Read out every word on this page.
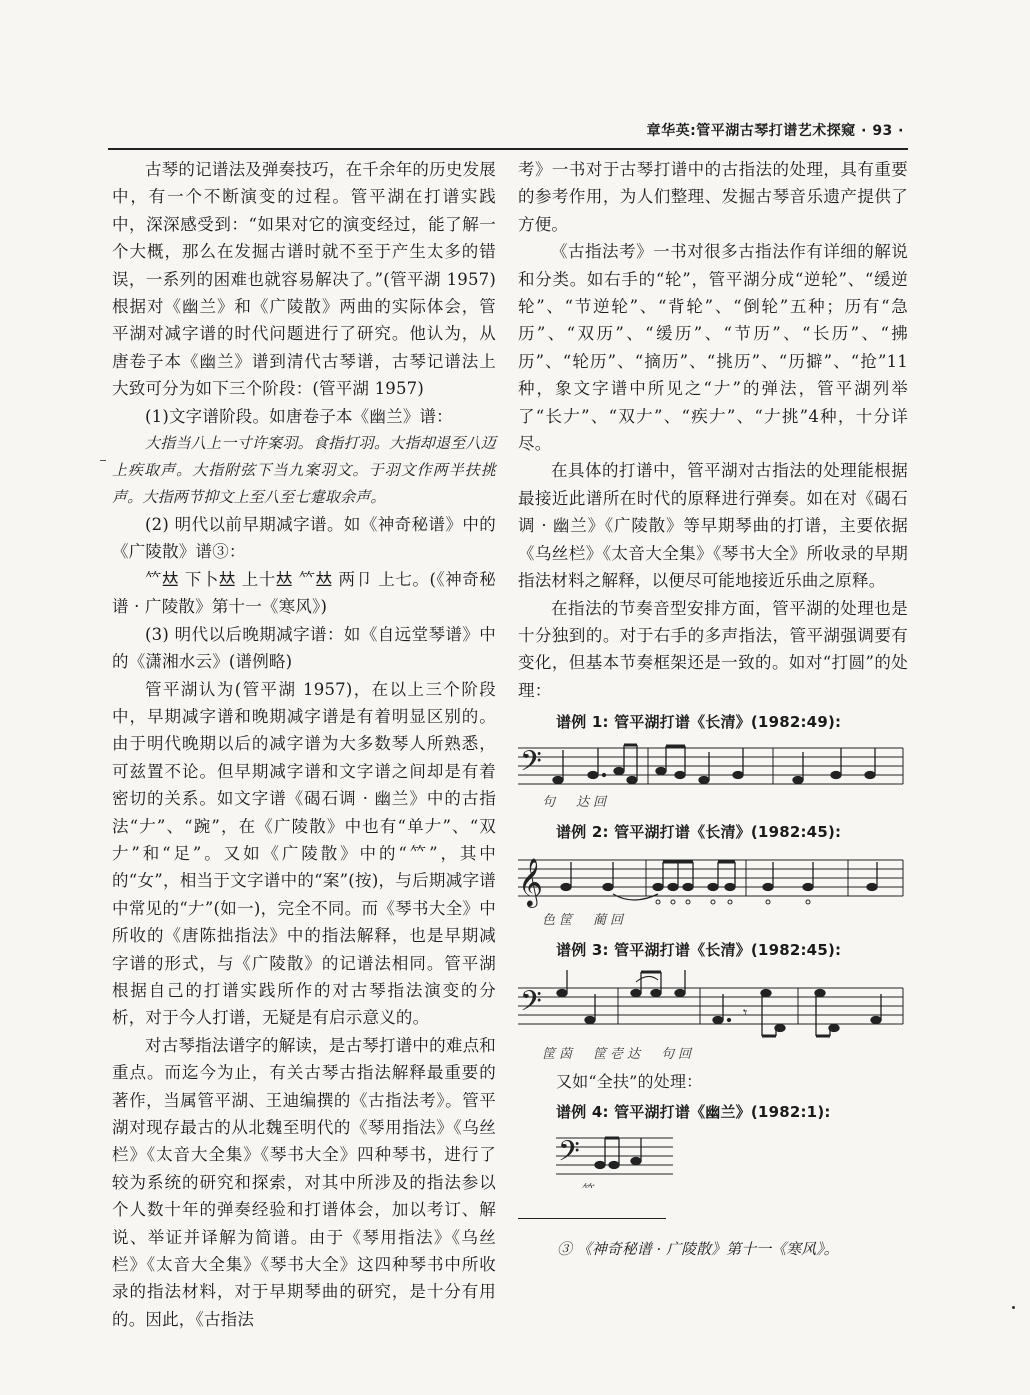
章华英:管平湖古琴打谱艺术探窥 · 93 ·

古琴的记谱法及弹奏技巧，在千余年的历史发展中，有一个不断演变的过程。管平湖在打谱实践中，深深感受到：“如果对它的演变经过，能了解一个大概，那么在发掘古谱时就不至于产生太多的错误，一系列的困难也就容易解决了。”(管平湖 1957)根据对《幽兰》和《广陵散》两曲的实际体会，管平湖对减字谱的时代问题进行了研究。他认为，从唐卷子本《幽兰》谱到清代古琴谱，古琴记谱法上大致可分为如下三个阶段：(管平湖 1957)

(1)文字谱阶段。如唐卷子本《幽兰》谱：

大指当八上一寸许案羽。食指打羽。大指却退至八迈上疾取声。大指附弦下当九案羽文。于羽文作两半扶挑声。大指两节抑文上至八至七疐取余声。

(2) 明代以前早期减字谱。如《神奇秘谱》中的《广陵散》谱③：

𥫗𠀤 下卜𠀤 上十𠀤 𥫗𠀤 两卩 上七。(《神奇秘谱 · 广陵散》第十一《寒风》)

(3) 明代以后晚期减字谱：如《自远堂琴谱》中的《潇湘水云》(谱例略)

管平湖认为(管平湖 1957)，在以上三个阶段中，早期减字谱和晚期减字谱是有着明显区别的。由于明代晚期以后的减字谱为大多数琴人所熟悉，可兹置不论。但早期减字谱和文字谱之间却是有着密切的关系。如文字谱《碣石调 · 幽兰》中的古指法“𠂇”、“踠”，在《广陵散》中也有“单𠂇”、“双𠂇”和“足”。又如《广陵散》中的“𥫗”，其中的“女”，相当于文字谱中的“案”(按)，与后期减字谱中常见的“𠂇”(如一)，完全不同。而《琴书大全》中所收的《唐陈拙指法》中的指法解释，也是早期减字谱的形式，与《广陵散》的记谱法相同。管平湖根据自己的打谱实践所作的对古琴指法演变的分析，对于今人打谱，无疑是有启示意义的。

对古琴指法谱字的解读，是古琴打谱中的难点和重点。而迄今为止，有关古琴古指法解释最重要的著作，当属管平湖、王迪编撰的《古指法考》。管平湖对现存最古的从北魏至明代的《琴用指法》《乌丝栏》《太音大全集》《琴书大全》四种琴书，进行了较为系统的研究和探索，对其中所涉及的指法参以个人数十年的弹奏经验和打谱体会，加以考订、解说、举证并译解为简谱。由于《琴用指法》《乌丝栏》《太音大全集》《琴书大全》这四种琴书中所收录的指法材料，对于早期琴曲的研究，是十分有用的。因此，《古指法

考》一书对于古琴打谱中的古指法的处理，具有重要的参考作用，为人们整理、发掘古琴音乐遗产提供了方便。

《古指法考》一书对很多古指法作有详细的解说和分类。如右手的“轮”，管平湖分成“逆轮”、“缓逆轮”、“节逆轮”、“背轮”、“倒轮”五种；历有“急历”、“双历”、“缓历”、“节历”、“长历”、“拂历”、“轮历”、“摘历”、“挑历”、“历擗”、“抢”11种，象文字谱中所见之“𠂇”的弹法，管平湖列举了“长𠂇”、“双𠂇”、“疾𠂇”、“𠂇挑”4种，十分详尽。

在具体的打谱中，管平湖对古指法的处理能根据最接近此谱所在时代的原释进行弹奏。如在对《碣石调 · 幽兰》《广陵散》等早期琴曲的打谱，主要依据《乌丝栏》《太音大全集》《琴书大全》所收录的早期指法材料之解释，以便尽可能地接近乐曲之原释。

在指法的节奏音型安排方面，管平湖的处理也是十分独到的。对于右手的多声指法，管平湖强调要有变化，但基本节奏框架还是一致的。如对“打圆”的处理：

谱例 1: 管平湖打谱《长清》(1982:49):
𝄢
句　达回
谱例 2: 管平湖打谱《长清》(1982:45):
𝄞
色筐　蔺回
谱例 3: 管平湖打谱《长清》(1982:45):
𝄢	𝄾
筐茵　筐壱达　句回

又如“全扶”的处理：

谱例 4: 管平湖打谱《幽兰》(1982:1):
𝄢
𥫗
③ 《神奇秘谱 · 广陵散》第十一《寒风》。
